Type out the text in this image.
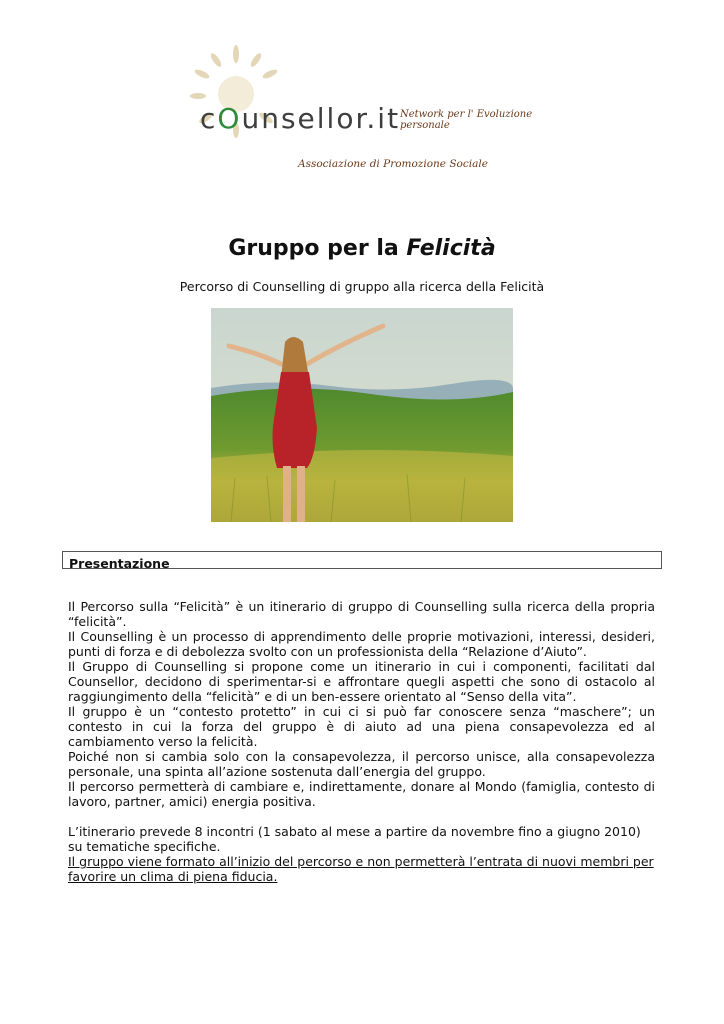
cOunsellor.it Network per l' Evoluzione personale
Associazione di Promozione Sociale
Gruppo per la Felicità
Percorso di Counselling di gruppo alla ricerca della Felicità
Presentazione

Il Percorso sulla “Felicità” è un itinerario di gruppo di Counselling sulla ricerca della propria “felicità”.

Il Counselling è un processo di apprendimento delle proprie motivazioni, interessi, desideri, punti di forza e di debolezza svolto con un professionista della “Relazione d’Aiuto”.

Il Gruppo di Counselling si propone come un itinerario in cui i componenti, facilitati dal Counsellor, decidono di sperimentar-si e affrontare quegli aspetti che sono di ostacolo al raggiungimento della “felicità” e di un ben-essere orientato al “Senso della vita”.

Il gruppo è un “contesto protetto” in cui ci si può far conoscere senza “maschere”; un contesto in cui la forza del gruppo è di aiuto ad una piena consapevolezza ed al cambiamento verso la felicità.

Poiché non si cambia solo con la consapevolezza, il percorso unisce, alla consapevolezza personale, una spinta all’azione sostenuta dall’energia del gruppo.

Il percorso permetterà di cambiare e, indirettamente, donare al Mondo (famiglia, contesto di lavoro, partner, amici) energia positiva.

L’itinerario prevede 8 incontri (1 sabato al mese a partire da novembre fino a giugno 2010) su tematiche specifiche.

Il gruppo viene formato all’inizio del percorso e non permetterà l’entrata di nuovi membri per favorire un clima di piena fiducia.
